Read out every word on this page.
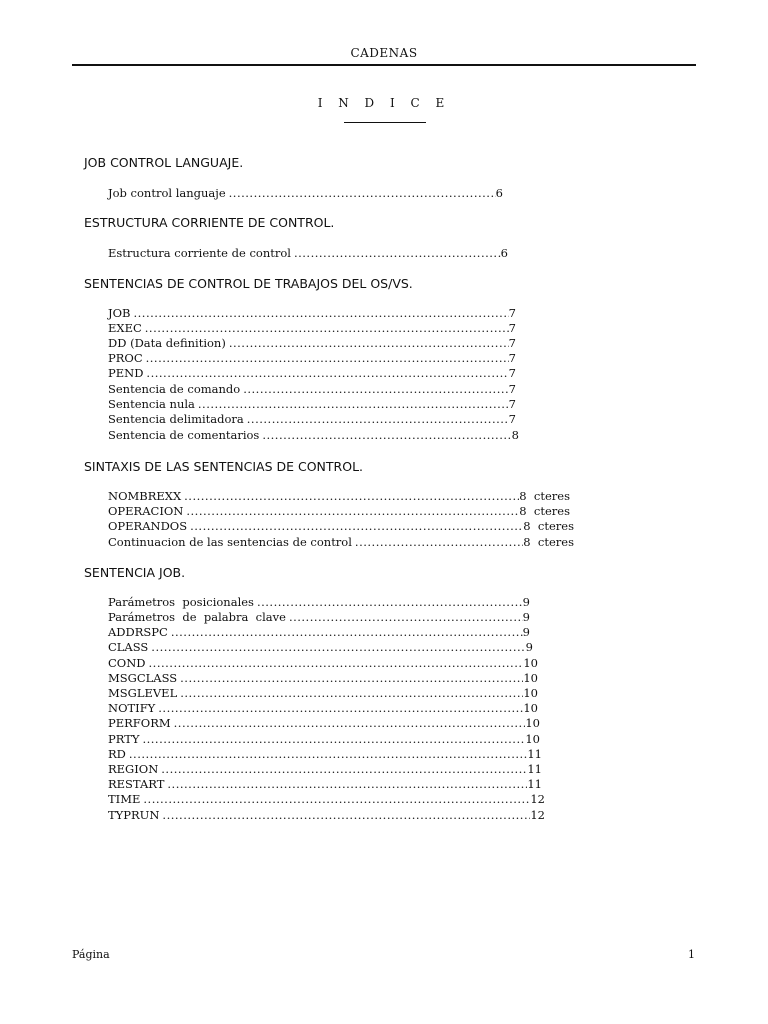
CADENAS
I N D I C E
JOB CONTROL LANGUAJE.
Job control languaje .....	6
ESTRUCTURA CORRIENTE DE CONTROL.
Estructura corriente de control .....	6
SENTENCIAS DE CONTROL DE TRABAJOS DEL OS/VS.
JOB .....	7
EXEC .....	7
DD (Data definition) .....	7
PROC .....	7
PEND .....	7
Sentencia de comando .....	7
Sentencia nula .....	7
Sentencia delimitadora .....	7
Sentencia de comentarios .....	8
SINTAXIS DE LAS SENTENCIAS DE CONTROL.
NOMBREXX .....	8  cteres
OPERACION .....	8  cteres
OPERANDOS .....	8  cteres
Continuacion de las sentencias de control .....	8  cteres
SENTENCIA JOB.
Parámetros  posicionales .....	9
Parámetros  de  palabra  clave .....	9
ADDRSPC .....	9
CLASS .....	9
COND .....	10
MSGCLASS .....	10
MSGLEVEL .....	10
NOTIFY .....	10
PERFORM .....	10
PRTY .....	10
RD .....	11
REGION .....	11
RESTART .....	11
TIME .....	12
TYPRUN .....	12
Página	1
